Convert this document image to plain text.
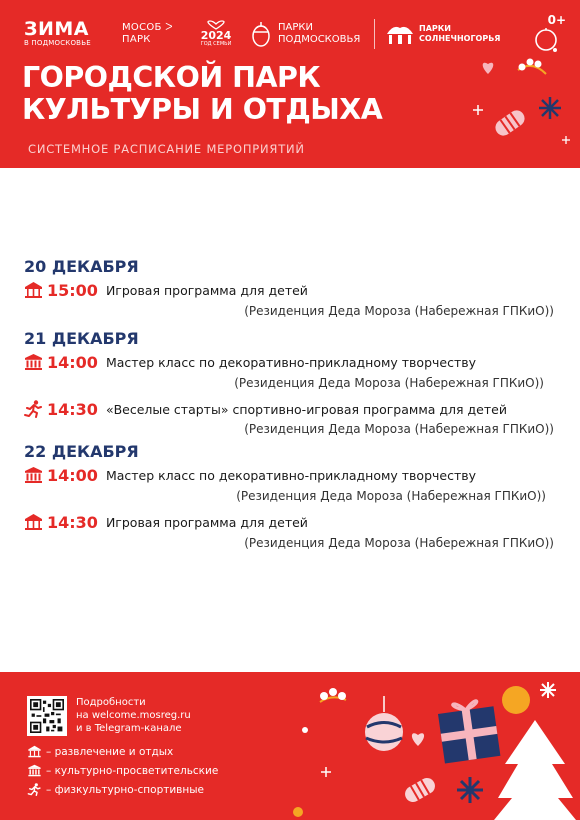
ЗИМА
В ПОДМОСКОВЬЕ
МОСОБ ᐳ
ПАРК	2024
ГОД СЕМЬИ
ПАРКИ
ПОДМОСКОВЬЯ
ПАРКИ
СОЛНЕЧНОГОРЬЯ
0+
ГОРОДСКОЙ ПАРК
КУЛЬТУРЫ И ОТДЫХА
СИСТЕМНОЕ РАСПИСАНИЕ МЕРОПРИЯТИЙ
20 ДЕКАБРЯ
15:00 Игровая программа для детей
(Резиденция Деда Мороза (Набережная ГПКиО))
21 ДЕКАБРЯ
14:00 Мастер класс по декоративно-прикладному творчеству
(Резиденция Деда Мороза (Набережная ГПКиО))
14:30 «Веселые старты» спортивно-игровая программа для детей
(Резиденция Деда Мороза (Набережная ГПКиО))
22 ДЕКАБРЯ
14:00 Мастер класс по декоративно-прикладному творчеству
(Резиденция Деда Мороза (Набережная ГПКиО))
14:30 Игровая программа для детей
(Резиденция Деда Мороза (Набережная ГПКиО))
Подробности
на welcome.mosreg.ru
и в Telegram-канале
– развлечение и отдых
– культурно-просветительские
– физкультурно-спортивные
